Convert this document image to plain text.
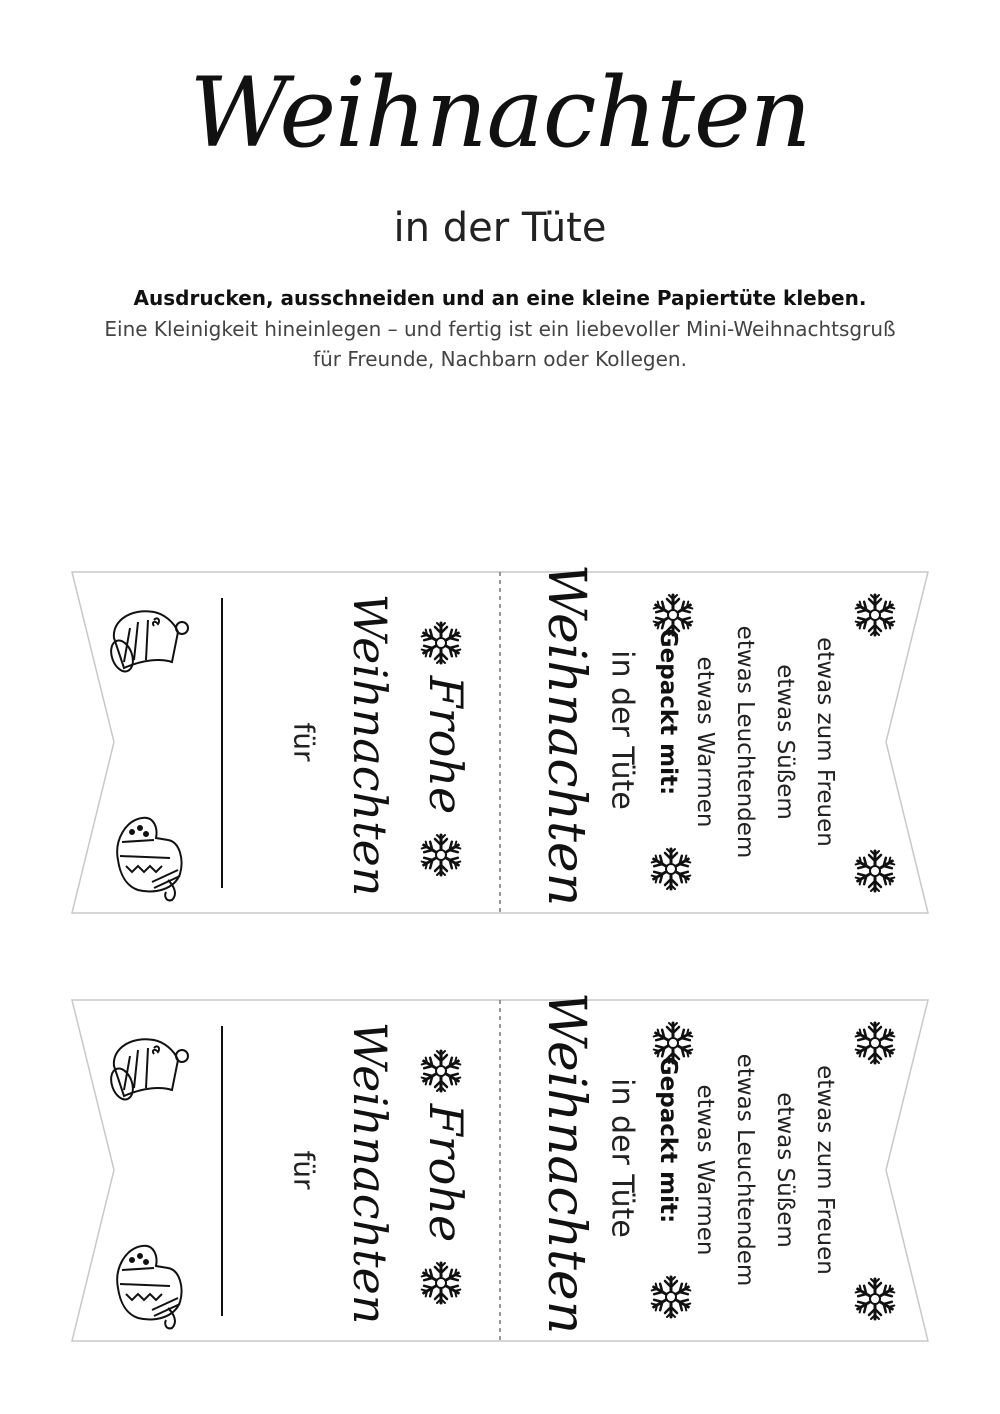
Weihnachten
in der Tüte
Ausdrucken, ausschneiden und an eine kleine Papiertüte kleben.
Eine Kleinigkeit hineinlegen – und fertig ist ein liebevoller Mini-Weihnachtsgruß
für Freunde, Nachbarn oder Kollegen.
für Weihnachten Frohe Weihnachten in der Tüte Gepackt mit: etwas Warmen etwas Leuchtendem etwas Süßem etwas zum Freuen
für Weihnachten Frohe Weihnachten in der Tüte Gepackt mit: etwas Warmen etwas Leuchtendem etwas Süßem etwas zum Freuen
